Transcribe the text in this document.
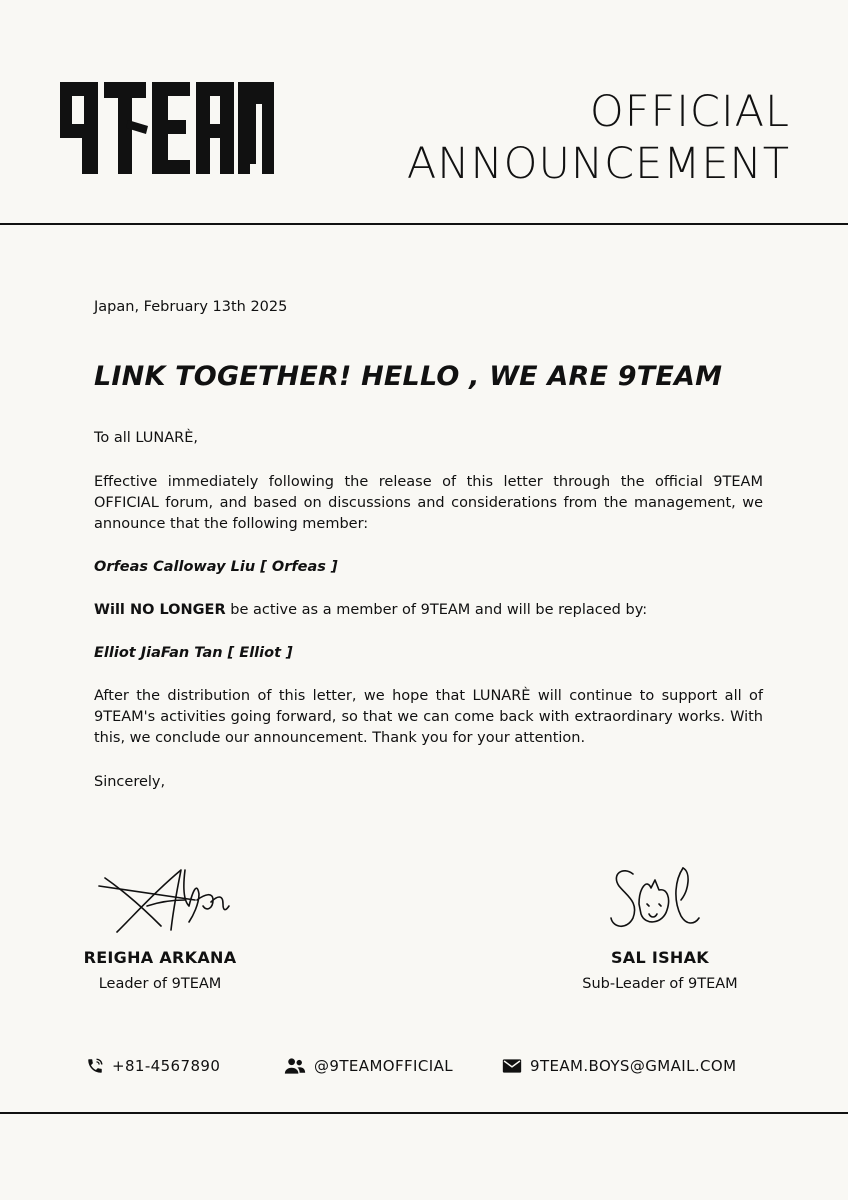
OFFICIAL
ANNOUNCEMENT
Japan, February 13th 2025
LINK TOGETHER! HELLO , WE ARE 9TEAM
To all LUNARÈ,
Effective immediately following the release of this letter through the official 9TEAM OFFICIAL forum, and based on discussions and considerations from the management, we announce that the following member:
Orfeas Calloway Liu [ Orfeas ]
Will NO LONGER be active as a member of 9TEAM and will be replaced by:
Elliot JiaFan Tan [ Elliot ]
After the distribution of this letter, we hope that LUNARÈ will continue to support all of 9TEAM's activities going forward, so that we can come back with extraordinary works. With this, we conclude our announcement. Thank you for your attention.
Sincerely,
REIGHA ARKANA
Leader of 9TEAM
SAL ISHAK
Sub-Leader of 9TEAM
+81-4567890	@9TEAMOFFICIAL	9TEAM.BOYS@GMAIL.COM
